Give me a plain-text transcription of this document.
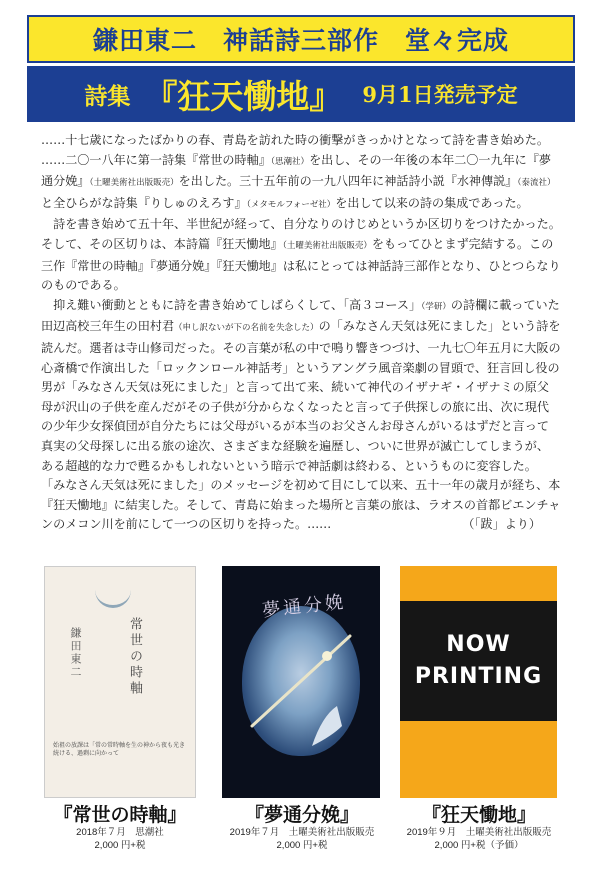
鎌田東二　神話詩三部作　堂々完成
詩集 『狂天慟地』 9月1日発売予定

……十七歳になったばかりの春、青島を訪れた時の衝撃がきっかけとなって詩を書き始めた。

……二〇一八年に第一詩集『常世の時軸』（思潮社）を出し、その一年後の本年二〇一九年に『夢通分娩』（土曜美術社出版販売）を出した。三十五年前の一九八四年に神話詩小説『水神傳説』（泰流社）と全ひらがな詩集『りしゅのえろす』（メタモルフォーゼ社）を出して以来の詩の集成であった。

詩を書き始めて五十年、半世紀が経って、自分なりのけじめというか区切りをつけたかった。そして、その区切りは、本詩篇『狂天慟地』（土曜美術社出版販売）をもってひとまず完結する。この三作『常世の時軸』『夢通分娩』『狂天慟地』は私にとっては神話詩三部作となり、ひとつらなりのものである。

抑え難い衝動とともに詩を書き始めてしばらくして、「高３コース」（学研）の詩欄に載っていた田辺高校三年生の田村君（申し訳ないが下の名前を失念した）の「みなさん天気は死にました」という詩を読んだ。選者は寺山修司だった。その言葉が私の中で鳴り響きつづけ、一九七〇年五月に大阪の心斎橋で作演出した「ロックンロール神話考」というアングラ風音楽劇の冒頭で、狂言回し役の男が「みなさん天気は死にました」と言って出て来、続いて神代のイザナギ・イザナミの原父母が沢山の子供を産んだがその子供が分からなくなったと言って子供探しの旅に出、次に現代の少年少女探偵団が自分たちには父母がいるが本当のお父さんお母さんがいるはずだと言って真実の父母探しに出る旅の途次、さまざまな経験を遍歴し、ついに世界が滅亡してしまうが、ある超越的な力で甦るかもしれないという暗示で神話劇は終わる、というものに変容した。

「みなさん天気は死にました」のメッセージを初めて目にして以来、五十一年の歳月が経ち、本『狂天慟地』に結実した。そして、青島に始まった場所と言葉の旅は、ラオスの首都ビエンチャンのメコン川を前にして一つの区切りを持った。……	（「跋」より）

鎌田東二	常世の時軸
始祖の放課は「常の常時軸を生の神から夜も光き続ける、過剰に向かって
夢通分娩
NOW
PRINTING
『常世の時軸』
2018年７月　思潮社
2,000 円+税
『夢通分娩』
2019年７月　土曜美術社出版販売
2,000 円+税
『狂天慟地』
2019年９月　土曜美術社出版販売
2,000 円+税（予価）
